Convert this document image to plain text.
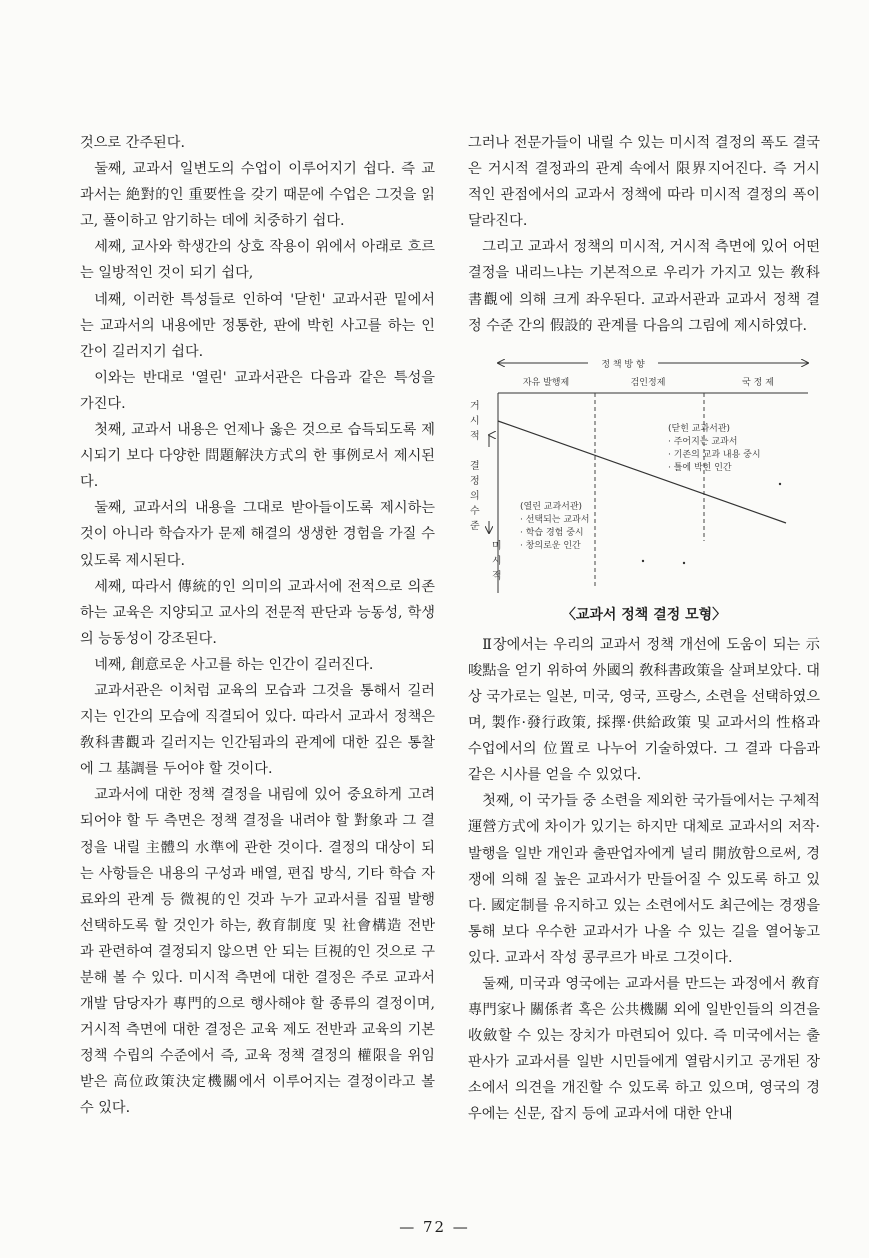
것으로 간주된다.

둘째, 교과서 일변도의 수업이 이루어지기 쉽다. 즉 교과서는 絶對的인 重要性을 갖기 때문에 수업은 그것을 읽고, 풀이하고 암기하는 데에 치중하기 쉽다.

세째, 교사와 학생간의 상호 작용이 위에서 아래로 흐르는 일방적인 것이 되기 쉽다,

네째, 이러한 특성들로 인하여 '닫힌' 교과서관 밑에서는 교과서의 내용에만 정통한, 판에 박힌 사고를 하는 인간이 길러지기 쉽다.

이와는 반대로 '열린' 교과서관은 다음과 같은 특성을 가진다.

첫째, 교과서 내용은 언제나 옳은 것으로 습득되도록 제시되기 보다 다양한 問題解決方式의 한 事例로서 제시된다.

둘째, 교과서의 내용을 그대로 받아들이도록 제시하는 것이 아니라 학습자가 문제 해결의 생생한 경험을 가질 수 있도록 제시된다.

세째, 따라서 傳統的인 의미의 교과서에 전적으로 의존하는 교육은 지양되고 교사의 전문적 판단과 능동성, 학생의 능동성이 강조된다.

네째, 創意로운 사고를 하는 인간이 길러진다.

교과서관은 이처럼 교육의 모습과 그것을 통해서 길러지는 인간의 모습에 직결되어 있다. 따라서 교과서 정책은 敎科書觀과 길러지는 인간됨과의 관계에 대한 깊은 통찰에 그 基調를 두어야 할 것이다.

교과서에 대한 정책 결정을 내림에 있어 중요하게 고려되어야 할 두 측면은 정책 결정을 내려야 할 對象과 그 결정을 내릴 主體의 水準에 관한 것이다. 결정의 대상이 되는 사항들은 내용의 구성과 배열, 편집 방식, 기타 학습 자료와의 관계 등 微視的인 것과 누가 교과서를 집필 발행 선택하도록 할 것인가 하는, 敎育制度 및 社會構造 전반과 관련하여 결정되지 않으면 안 되는 巨視的인 것으로 구분해 볼 수 있다. 미시적 측면에 대한 결정은 주로 교과서 개발 담당자가 專門的으로 행사해야 할 종류의 결정이며, 거시적 측면에 대한 결정은 교육 제도 전반과 교육의 기본 정책 수립의 수준에서 즉, 교육 정책 결정의 權限을 위임 받은 高位政策決定機關에서 이루어지는 결정이라고 볼 수 있다.

그러나 전문가들이 내릴 수 있는 미시적 결정의 폭도 결국은 거시적 결정과의 관계 속에서 限界지어진다. 즉 거시적인 관점에서의 교과서 정책에 따라 미시적 결정의 폭이 달라진다.

그리고 교과서 정책의 미시적, 거시적 측면에 있어 어떤 결정을 내리느냐는 기본적으로 우리가 가지고 있는 敎科書觀에 의해 크게 좌우된다. 교과서관과 교과서 정책 결정 수준 간의 假設的 관계를 다음의 그림에 제시하였다.

정 책 방 향
자유 발행제	검인정제	국 정 제
거시적
결정의수준
미시적
(닫힌 교과서관)
· 주어지는 교과서
· 기존의 교과 내용 중시
· 틀에 박힌 인간
(열린 교과서관)
· 선택되는 교과서
· 학습 경험 중시
· 창의로운 인간
〈교과서 정책 결정 모형〉

Ⅱ장에서는 우리의 교과서 정책 개선에 도움이 되는 示唆點을 얻기 위하여 外國의 敎科書政策을 살펴보았다. 대상 국가로는 일본, 미국, 영국, 프랑스, 소련을 선택하였으며, 製作·發行政策, 採擇·供給政策 및 교과서의 性格과 수업에서의 位置로 나누어 기술하였다. 그 결과 다음과 같은 시사를 얻을 수 있었다.

첫째, 이 국가들 중 소련을 제외한 국가들에서는 구체적 運營方式에 차이가 있기는 하지만 대체로 교과서의 저작·발행을 일반 개인과 출판업자에게 널리 開放함으로써, 경쟁에 의해 질 높은 교과서가 만들어질 수 있도록 하고 있다. 國定制를 유지하고 있는 소련에서도 최근에는 경쟁을 통해 보다 우수한 교과서가 나올 수 있는 길을 열어놓고 있다. 교과서 작성 콩쿠르가 바로 그것이다.

둘째, 미국과 영국에는 교과서를 만드는 과정에서 敎育專門家나 關係者 혹은 公共機關 외에 일반인들의 의견을 收斂할 수 있는 장치가 마련되어 있다. 즉 미국에서는 출판사가 교과서를 일반 시민들에게 열람시키고 공개된 장소에서 의견을 개진할 수 있도록 하고 있으며, 영국의 경우에는 신문, 잡지 등에 교과서에 대한 안내

— 72 —
